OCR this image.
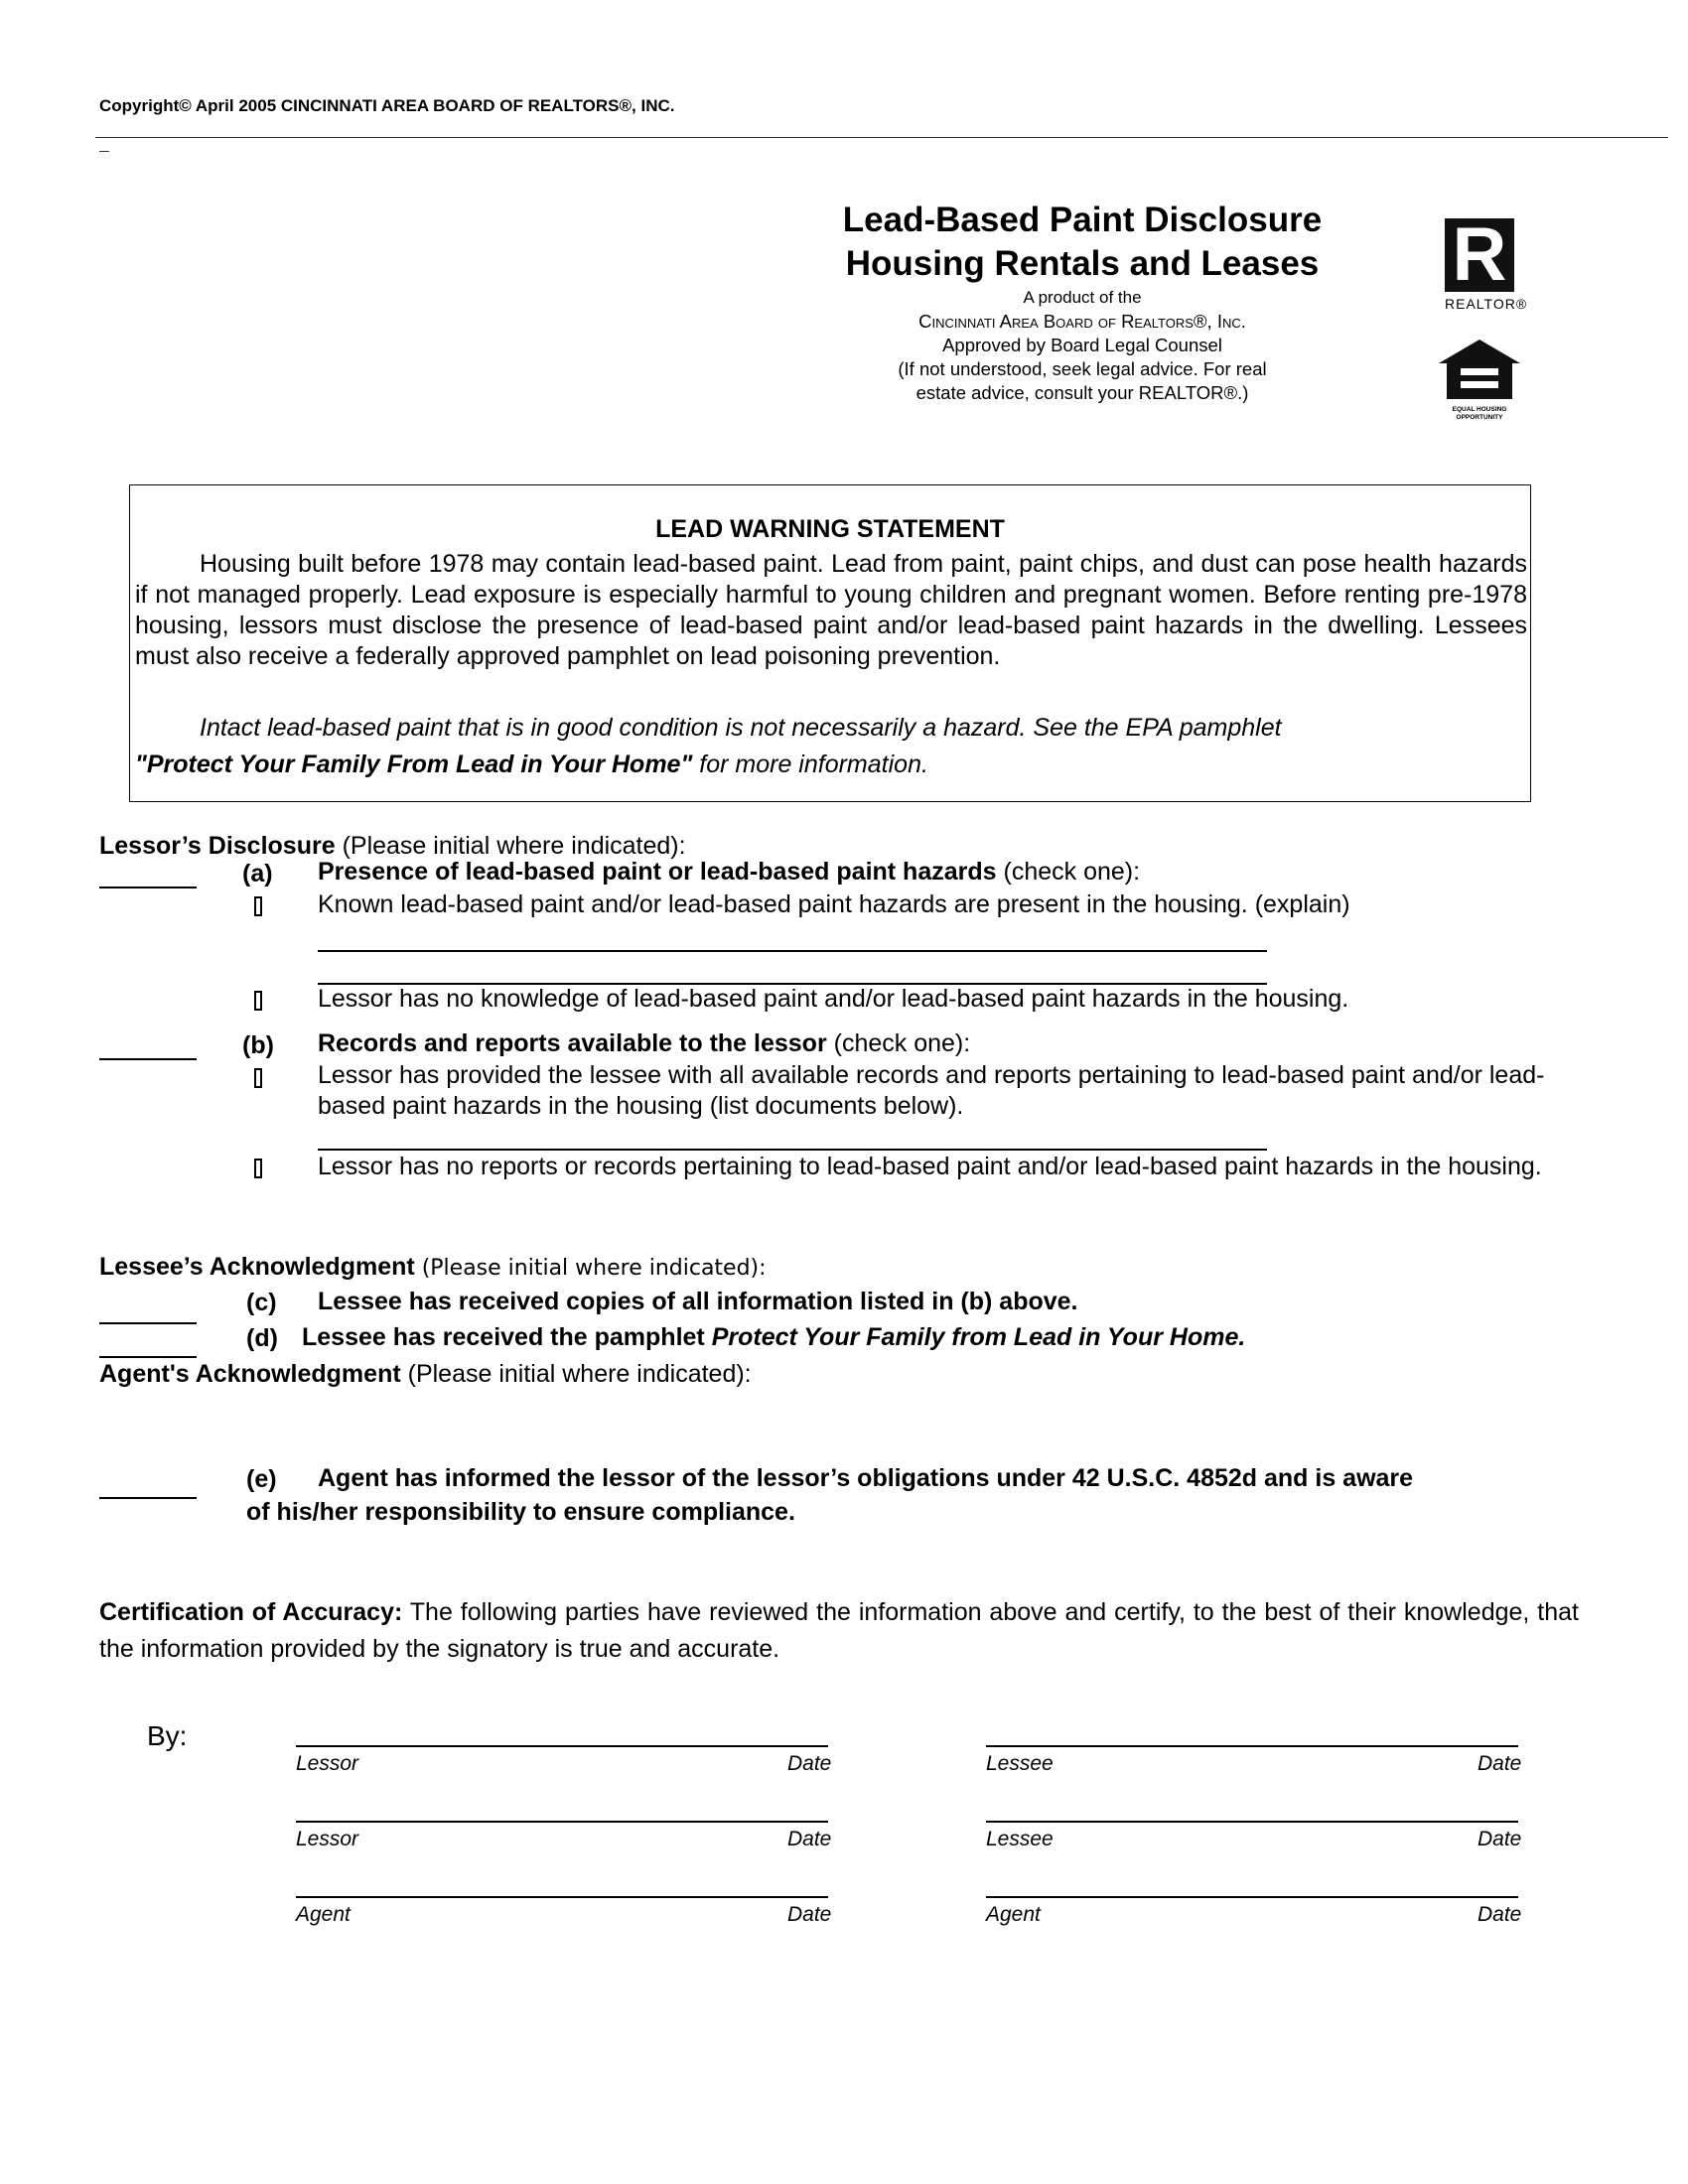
Copyright© April 2005 CINCINNATI AREA BOARD OF REALTORS®, INC.
Lead-Based Paint Disclosure
Housing Rentals and Leases
A product of the
Cincinnati Area Board of Realtors®, Inc.
Approved by Board Legal Counsel
(If not understood, seek legal advice. For real
estate advice, consult your REALTOR®.)
R
REALTOR®
EQUAL HOUSING
OPPORTUNITY
LEAD WARNING STATEMENT
Housing built before 1978 may contain lead-based paint. Lead from paint, paint chips, and dust can pose health hazards if not managed properly. Lead exposure is especially harmful to young children and pregnant women. Before renting pre-1978 housing, lessors must disclose the presence of lead-based paint and/or lead-based paint hazards in the dwelling. Lessees must also receive a federally approved pamphlet on lead poisoning prevention.
Intact lead-based paint that is in good condition is not necessarily a hazard. See the EPA pamphlet
"Protect Your Family From Lead in Your Home" for more information.
Lessor’s Disclosure (Please initial where indicated):
(a) Presence of lead-based paint or lead-based paint hazards (check one):
Known lead-based paint and/or lead-based paint hazards are present in the housing. (explain)
Lessor has no knowledge of lead-based paint and/or lead-based paint hazards in the housing.
(b) Records and reports available to the lessor (check one):
Lessor has provided the lessee with all available records and reports pertaining to lead-based paint and/or lead-based paint hazards in the housing (list documents below).
Lessor has no reports or records pertaining to lead-based paint and/or lead-based paint hazards in the housing.
Lessee’s Acknowledgment (Please initial where indicated):
(c) Lessee has received copies of all information listed in (b) above.
(d) Lessee has received the pamphlet Protect Your Family from Lead in Your Home.
Agent's Acknowledgment (Please initial where indicated):
(e) Agent has informed the lessor of the lessor’s obligations under 42 U.S.C. 4852d and is aware
of his/her responsibility to ensure compliance.
Certification of Accuracy: The following parties have reviewed the information above and certify, to the best of their knowledge, that the information provided by the signatory is true and accurate.
By:
Lessor	Date	Lessee	Date
Lessor	Date	Lessee	Date
Agent	Date	Agent	Date
